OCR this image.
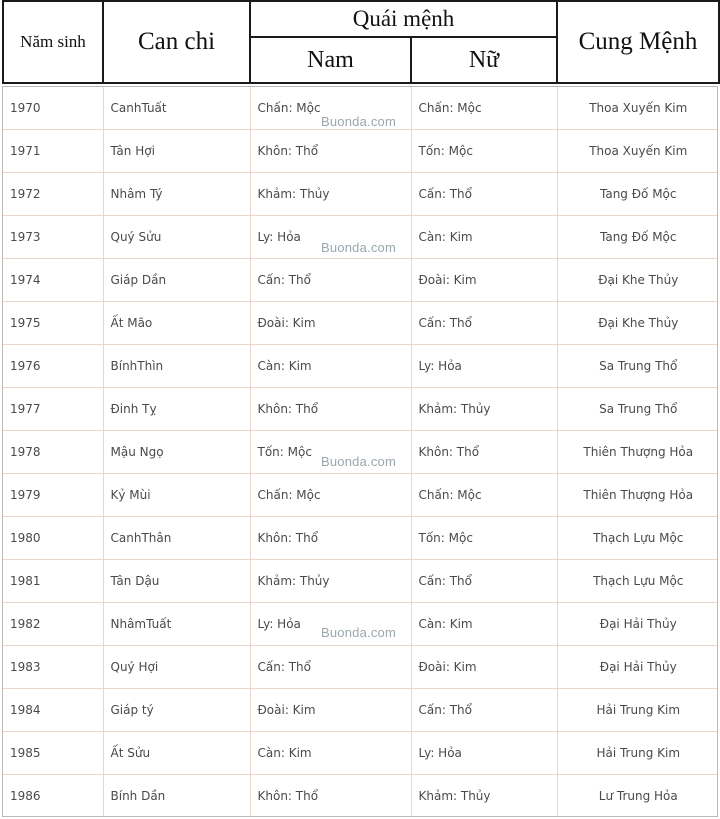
Năm sinh	Can chi	Quái mệnh		Cung Mệnh
		Nam	Nữ	
1970	CanhTuất	Chấn: Mộc	Chấn: Mộc	Thoa Xuyến Kim
1971	Tân Hợi	Khôn: Thổ	Tốn: Mộc	Thoa Xuyến Kim
1972	Nhâm Tý	Khảm: Thủy	Cấn: Thổ	Tang Đố Mộc
1973	Quý Sửu	Ly: Hỏa	Càn: Kim	Tang Đố Mộc
1974	Giáp Dần	Cấn: Thổ	Đoài: Kim	Đại Khe Thủy
1975	Ất Mão	Đoài: Kim	Cấn: Thổ	Đại Khe Thủy
1976	BínhThìn	Càn: Kim	Ly: Hỏa	Sa Trung Thổ
1977	Đinh Tỵ	Khôn: Thổ	Khảm: Thủy	Sa Trung Thổ
1978	Mậu Ngọ	Tốn: Mộc	Khôn: Thổ	Thiên Thượng Hỏa
1979	Kỷ Mùi	Chấn: Mộc	Chấn: Mộc	Thiên Thượng Hỏa
1980	CanhThân	Khôn: Thổ	Tốn: Mộc	Thạch Lựu Mộc
1981	Tân Dậu	Khảm: Thủy	Cấn: Thổ	Thạch Lựu Mộc
1982	NhâmTuất	Ly: Hỏa	Càn: Kim	Đại Hải Thủy
1983	Quý Hợi	Cấn: Thổ	Đoài: Kim	Đại Hải Thủy
1984	Giáp tý	Đoài: Kim	Cấn: Thổ	Hải Trung Kim
1985	Ất Sửu	Càn: Kim	Ly: Hỏa	Hải Trung Kim
1986	Bính Dần	Khôn: Thổ	Khảm: Thủy	Lư Trung Hỏa
Buonda.com
Buonda.com
Buonda.com
Buonda.com
